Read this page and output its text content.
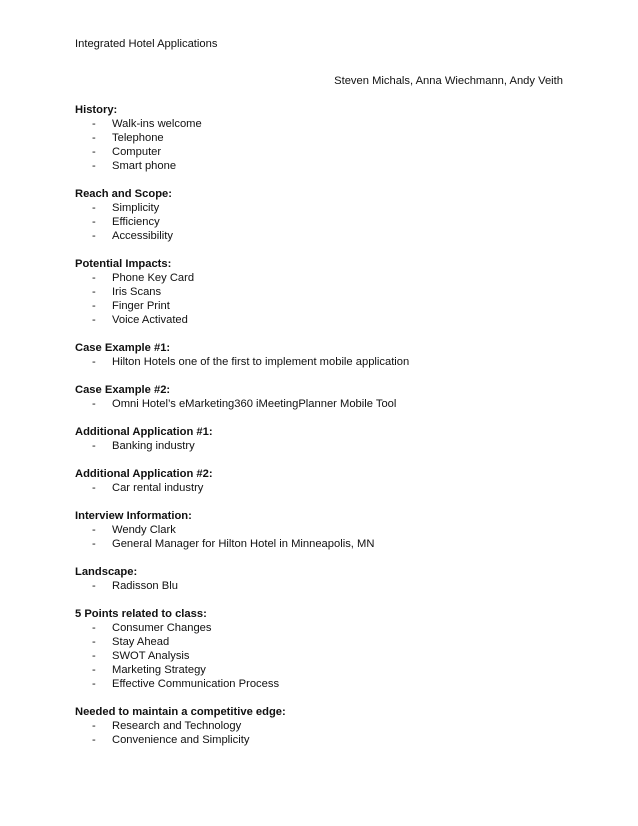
Integrated Hotel Applications
Steven Michals, Anna Wiechmann, Andy Veith
History:
- Walk-ins welcome
- Telephone
- Computer
- Smart phone
Reach and Scope:
- Simplicity
- Efficiency
- Accessibility
Potential Impacts:
- Phone Key Card
- Iris Scans
- Finger Print
- Voice Activated
Case Example #1:
- Hilton Hotels one of the first to implement mobile application
Case Example #2:
- Omni Hotel’s eMarketing360 iMeetingPlanner Mobile Tool
Additional Application #1:
- Banking industry
Additional Application #2:
- Car rental industry
Interview Information:
- Wendy Clark
- General Manager for Hilton Hotel in Minneapolis, MN
Landscape:
- Radisson Blu
5 Points related to class:
- Consumer Changes
- Stay Ahead
- SWOT Analysis
- Marketing Strategy
- Effective Communication Process
Needed to maintain a competitive edge:
- Research and Technology
- Convenience and Simplicity
